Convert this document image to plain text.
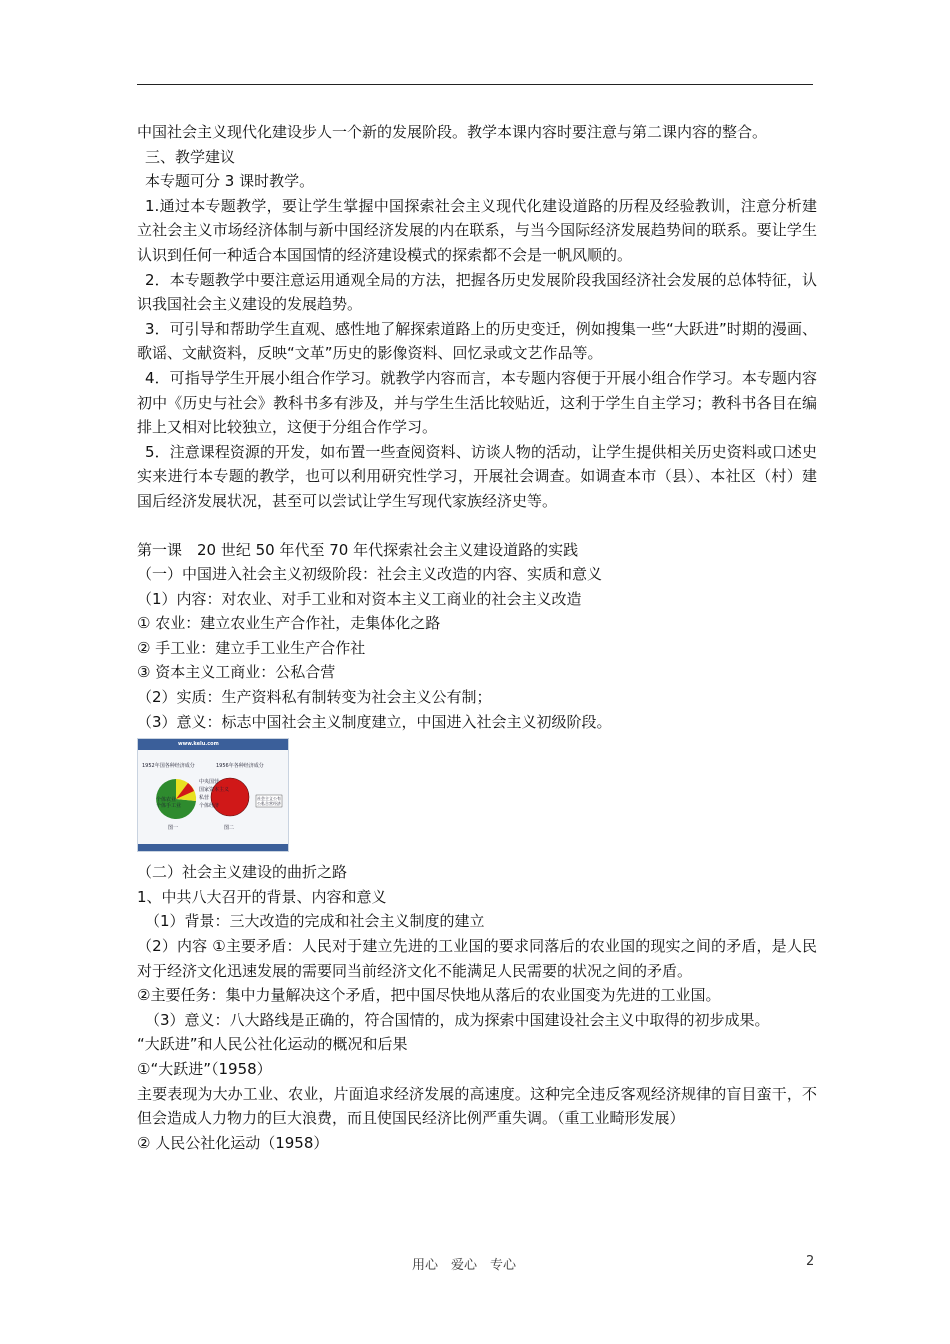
中国社会主义现代化建设步人一个新的发展阶段。教学本课内容时要注意与第二课内容的整合。

三、教学建议

本专题可分 3 课时教学。

1.通过本专题教学，要让学生掌握中国探索社会主义现代化建设道路的历程及经验教训，注意分析建立社会主义市场经济体制与新中国经济发展的内在联系，与当今国际经济发展趋势间的联系。要让学生认识到任何一种适合本国国情的经济建设模式的探索都不会是一帆风顺的。

2．本专题教学中要注意运用通观全局的方法，把握各历史发展阶段我国经济社会发展的总体特征，认识我国社会主义建设的发展趋势。

3．可引导和帮助学生直观、感性地了解探索道路上的历史变迁，例如搜集一些“大跃进”时期的漫画、歌谣、文献资料，反映“文革”历史的影像资料、回忆录或文艺作品等。

4．可指导学生开展小组合作学习。就教学内容而言，本专题内容便于开展小组合作学习。本专题内容初中《历史与社会》教科书多有涉及，并与学生生活比较贴近，这利于学生自主学习；教科书各目在编排上又相对比较独立，这便于分组合作学习。

5．注意课程资源的开发，如布置一些查阅资料、访谈人物的活动，让学生提供相关历史资料或口述史实来进行本专题的教学，也可以利用研究性学习，开展社会调查。如调查本市（县）、本社区（村）建国后经济发展状况，甚至可以尝试让学生写现代家族经济史等。

第一课　20 世纪 50 年代至 70 年代探索社会主义建设道路的实践

（一）中国进入社会主义初级阶段：社会主义改造的内容、实质和意义

（1）内容：对农业、对手工业和对资本主义工商业的社会主义改造

① 农业：建立农业生产合作社，走集体化之路

② 手工业：建立手工业生产合作社

③ 资本主义工商业：公私合营

（2）实质：生产资料私有制转变为社会主义公有制；

（3）意义：标志中国社会主义制度建立，中国进入社会主义初级阶段。

www.kelu.com
1952年国各种经济成分	1956年各种经济成分
个体农业
个体手工业
中央国营
国家资本主义
私营
个体经济
社会主义公有
公私合营经济
图一	图二

（二）社会主义建设的曲折之路

1、中共八大召开的背景、内容和意义

（1）背景：三大改造的完成和社会主义制度的建立

（2）内容 ①主要矛盾：人民对于建立先进的工业国的要求同落后的农业国的现实之间的矛盾，是人民对于经济文化迅速发展的需要同当前经济文化不能满足人民需要的状况之间的矛盾。

②主要任务：集中力量解决这个矛盾，把中国尽快地从落后的农业国变为先进的工业国。

（3）意义：八大路线是正确的，符合国情的，成为探索中国建设社会主义中取得的初步成果。

“大跃进”和人民公社化运动的概况和后果

①“大跃进”（1958）

主要表现为大办工业、农业，片面追求经济发展的高速度。这种完全违反客观经济规律的盲目蛮干，不但会造成人力物力的巨大浪费，而且使国民经济比例严重失调。（重工业畸形发展）

② 人民公社化运动（1958）

用心　爱心　专心	2
